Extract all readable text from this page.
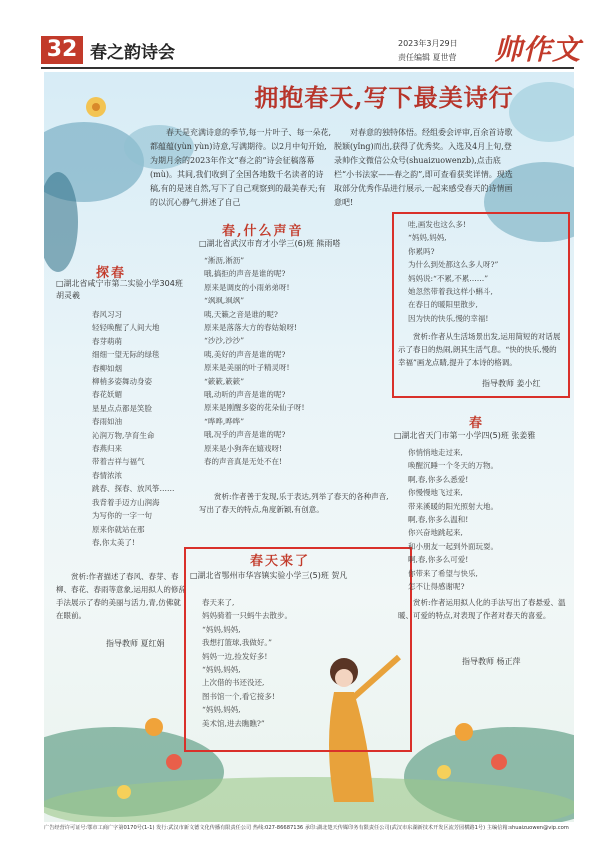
32 春之韵诗会	2023年3月29日
责任编辑 夏世营 帅作文
拥抱春天,写下最美诗行
春天是充满诗意的季节,每一片叶子、每一朵花,都蕴蕴(yùn yùn)诗意,写满期待。以2月中旬开始,为期月余的2023年作文“春之韵”诗会征稿落幕(mù)。其间,我们收到了全国各地数千名读者的诗稿,有的是迷自然,写下了自己观察到的最美春天;有的以沉心静气,拼述了自己
对春意的独特体悟。经组委会评审,百余首诗歌脱颖(yǐng)而出,获得了优秀奖。入选及4月上旬,登录帅作文微信公众号(shuaizuowenzb),点击底栏“小书法家——春之韵”,即可查看获奖详情。现选取部分优秀作品进行展示,一起来感受春天的诗情画意吧!
探春
□湖北省咸宁市第二实验小学304班 胡灵羲
春风习习
轻轻唤醒了人间大地
春芽萌萌
细细一望无际的绿毯
春柳如烟
柳梢多姿舞动身姿
春花妖媚
星星点点都是笑脸
春雨如油
沁润万物,孕育生命
春燕归来
带着吉祥与福气
春情浓浓
跳春、探春、放风筝……
我背着手迈方山润海
为写你的一字一句
原来你就站在那
春,你太美了!
赏析:作者描述了春风、春芽、春柳、春花、春雨等意象,运用拟人的修辞手法展示了春的美丽与活力,青,仿佛就在眼前。
指导教师 夏红娟
春,什么声音
□湖北省武汉市育才小学三(6)班 熊雨嗒
“淅沥,淅沥”
哦,搞拒的声音是谁的呢?
原来是调皮的小雨弟弟呀!
“飒飒,飒飒”
咦,天籁之音是谁的呢?
原来是落落大方的春姑娘呀!
“沙沙,沙沙”
咦,美好的声音是谁的呢?
原来是美丽的叶子精灵呀!
“簌簌,簌簌”
哦,动听的声音是谁的呢?
原来是刚醒多姿的花朵仙子呀!
“哗哗,哗哗”
哦,况乎的声音是谁的呢?
原来是小狗奔在嬉戏呀!
春的声音真是无处不在!
赏析:作者善于发现,乐于表达,列举了春天的各种声音,写出了春天的特点,角度新颖,有创意。
春天来了
□湖北省鄂州市华容镇实验小学三(5)班 贺凡
春天来了,
妈妈骑着一只蚂牛去散步。
“妈妈,妈妈,
我想打篮球,我做好。”
妈妈一边,捡发好多!
“妈妈,妈妈,
上次借的书还没还,
图书馆一个,看它接多!
“妈妈,妈妈,
美术馆,进去瞧瞧?”
哇,画发也这么多!
“妈妈,妈妈,
你累吗?
为什么到处都这么多人呀?”
妈妈说:“不累,不累……”
她忽然带着我这样小蝌斗,
在春日的暖阳里散步,
因为快的快乐,慢的幸福!
赏析:作者从生活场景出发,运用简短的对话展示了春日的热闹,朗其生活气息。“快的快乐,慢的幸福”画龙点睛,提升了本诗的格调。
指导教师 姜小红
春
□湖北省天门市第一小学四(5)班 张姜雅
你悄悄地走过来,
唤醒沉睡一个冬天的万物。
啊,春,你多么悉爱!
你慢慢地飞过来,
带来溪暖的阳光照射大地。
啊,春,你多么温和!
你兴奋地跳起来,
和小朋友一起到外面玩耍。
啊,春,你多么可爱!
你带来了希望与快乐,
怎不让得感谢呢?
赏析:作者运用拟人化的手法写出了春悬爱、温暖、可爱的特点,对表现了作者对春天的喜爱。
指导教师 杨正萍
广告经营许可证号:鄂市工商广字第0170号(1-1) 发行:武汉市新文德文化传播有限责任公司 热线:027-86687136 承印:湖北楚天传媒印务有限责任公司(武汉市东湖新技术开发区流芳园横路1号) 主编信箱:shuaizuowen@vip.com
